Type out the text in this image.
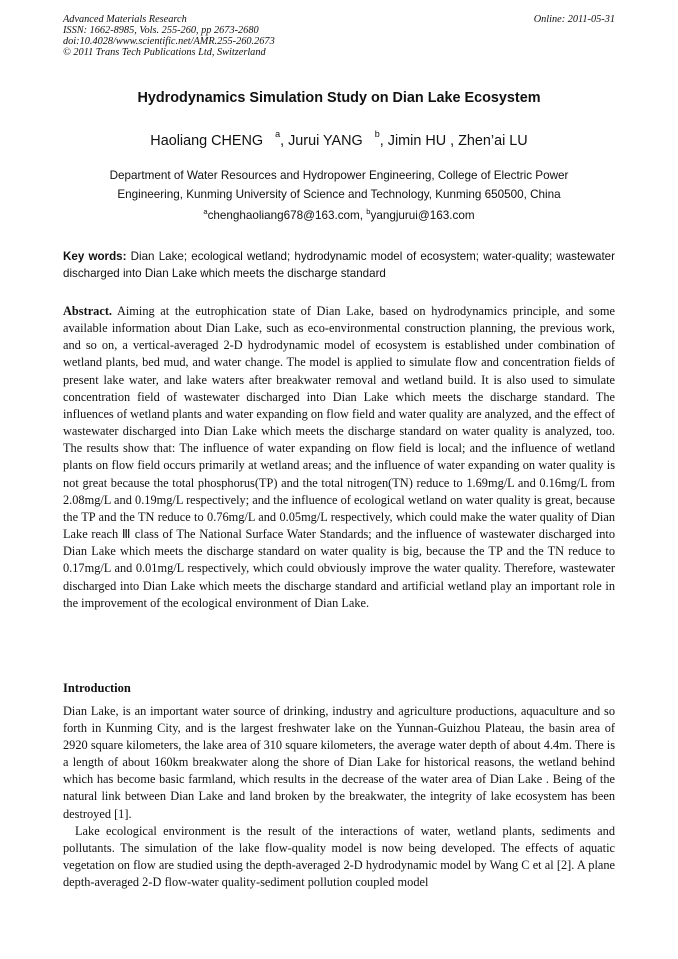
Advanced Materials Research
ISSN: 1662-8985, Vols. 255-260, pp 2673-2680
doi:10.4028/www.scientific.net/AMR.255-260.2673
© 2011 Trans Tech Publications Ltd, Switzerland
Online: 2011-05-31
Hydrodynamics Simulation Study on Dian Lake Ecosystem
Haoliang CHENG $^a$, Jurui YANG $^b$, Jimin HU , Zhen’ai LU
Department of Water Resources and Hydropower Engineering, College of Electric Power
Engineering, Kunming University of Science and Technology, Kunming 650500, China
$^a$chenghaoliang678@163.com, $^b$yangjurui@163.com
Key words: Dian Lake; ecological wetland; hydrodynamic model of ecosystem; water-quality; wastewater discharged into Dian Lake which meets the discharge standard
Abstract. Aiming at the eutrophication state of Dian Lake, based on hydrodynamics principle, and some available information about Dian Lake, such as eco-environmental construction planning, the previous work, and so on, a vertical-averaged 2-D hydrodynamic model of ecosystem is established under combination of wetland plants, bed mud, and water change. The model is applied to simulate flow and concentration fields of present lake water, and lake waters after breakwater removal and wetland build. It is also used to simulate concentration field of wastewater discharged into Dian Lake which meets the discharge standard. The influences of wetland plants and water expanding on flow field and water quality are analyzed, and the effect of wastewater discharged into Dian Lake which meets the discharge standard on water quality is analyzed, too. The results show that: The influence of water expanding on flow field is local; and the influence of wetland plants on flow field occurs primarily at wetland areas; and the influence of water expanding on water quality is not great because the total phosphorus(TP) and the total nitrogen(TN) reduce to 1.69mg/L and 0.16mg/L from 2.08mg/L and 0.19mg/L respectively; and the influence of ecological wetland on water quality is great, because the TP and the TN reduce to 0.76mg/L and 0.05mg/L respectively, which could make the water quality of Dian Lake reach Ⅲ class of The National Surface Water Standards; and the influence of wastewater discharged into Dian Lake which meets the discharge standard on water quality is big, because the TP and the TN reduce to 0.17mg/L and 0.01mg/L respectively, which could obviously improve the water quality. Therefore, wastewater discharged into Dian Lake which meets the discharge standard and artificial wetland play an important role in the improvement of the ecological environment of Dian Lake.
Introduction

Dian Lake, is an important water source of drinking, industry and agriculture productions, aquaculture and so forth in Kunming City, and is the largest freshwater lake on the Yunnan-Guizhou Plateau, the basin area of 2920 square kilometers, the lake area of 310 square kilometers, the average water depth of about 4.4m. There is a length of about 160km breakwater along the shore of Dian Lake for historical reasons, the wetland behind which has become basic farmland, which results in the decrease of the water area of Dian Lake . Being of the natural link between Dian Lake and land broken by the breakwater, the integrity of lake ecosystem has been destroyed [1].

Lake ecological environment is the result of the interactions of water, wetland plants, sediments and pollutants. The simulation of the lake flow-quality model is now being developed. The effects of aquatic vegetation on flow are studied using the depth-averaged 2-D hydrodynamic model by Wang C et al [2]. A plane depth-averaged 2-D flow-water quality-sediment pollution coupled model
